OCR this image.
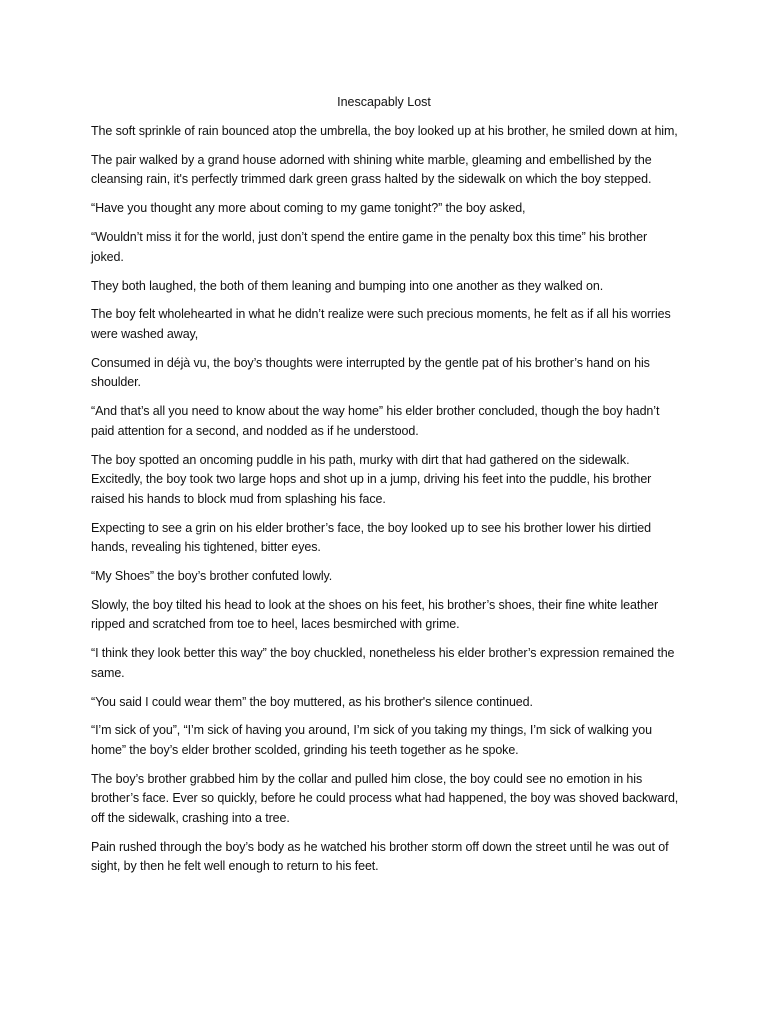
Inescapably Lost

The soft sprinkle of rain bounced atop the umbrella, the boy looked up at his brother, he smiled down at him,

The pair walked by a grand house adorned with shining white marble, gleaming and embellished by the cleansing rain, it's perfectly trimmed dark green grass halted by the sidewalk on which the boy stepped.

“Have you thought any more about coming to my game tonight?” the boy asked,

“Wouldn’t miss it for the world, just don’t spend the entire game in the penalty box this time” his brother joked.

They both laughed, the both of them leaning and bumping into one another as they walked on.

The boy felt wholehearted in what he didn’t realize were such precious moments, he felt as if all his worries were washed away,

Consumed in déjà vu, the boy’s thoughts were interrupted by the gentle pat of his brother’s hand on his shoulder.

“And that’s all you need to know about the way home” his elder brother concluded, though the boy hadn’t paid attention for a second, and nodded as if he understood.

The boy spotted an oncoming puddle in his path, murky with dirt that had gathered on the sidewalk. Excitedly, the boy took two large hops and shot up in a jump, driving his feet into the puddle, his brother raised his hands to block mud from splashing his face.

Expecting to see a grin on his elder brother’s face, the boy looked up to see his brother lower his dirtied hands, revealing his tightened, bitter eyes.

“My Shoes” the boy’s brother confuted lowly.

Slowly, the boy tilted his head to look at the shoes on his feet, his brother’s shoes, their fine white leather ripped and scratched from toe to heel, laces besmirched with grime.

“I think they look better this way” the boy chuckled, nonetheless his elder brother’s expression remained the same.

“You said I could wear them” the boy muttered, as his brother's silence continued.

“I’m sick of you”, “I’m sick of having you around, I’m sick of you taking my things, I’m sick of walking you home” the boy’s elder brother scolded, grinding his teeth together as he spoke.

The boy’s brother grabbed him by the collar and pulled him close, the boy could see no emotion in his brother’s face. Ever so quickly, before he could process what had happened, the boy was shoved backward, off the sidewalk, crashing into a tree.

Pain rushed through the boy’s body as he watched his brother storm off down the street until he was out of sight, by then he felt well enough to return to his feet.
